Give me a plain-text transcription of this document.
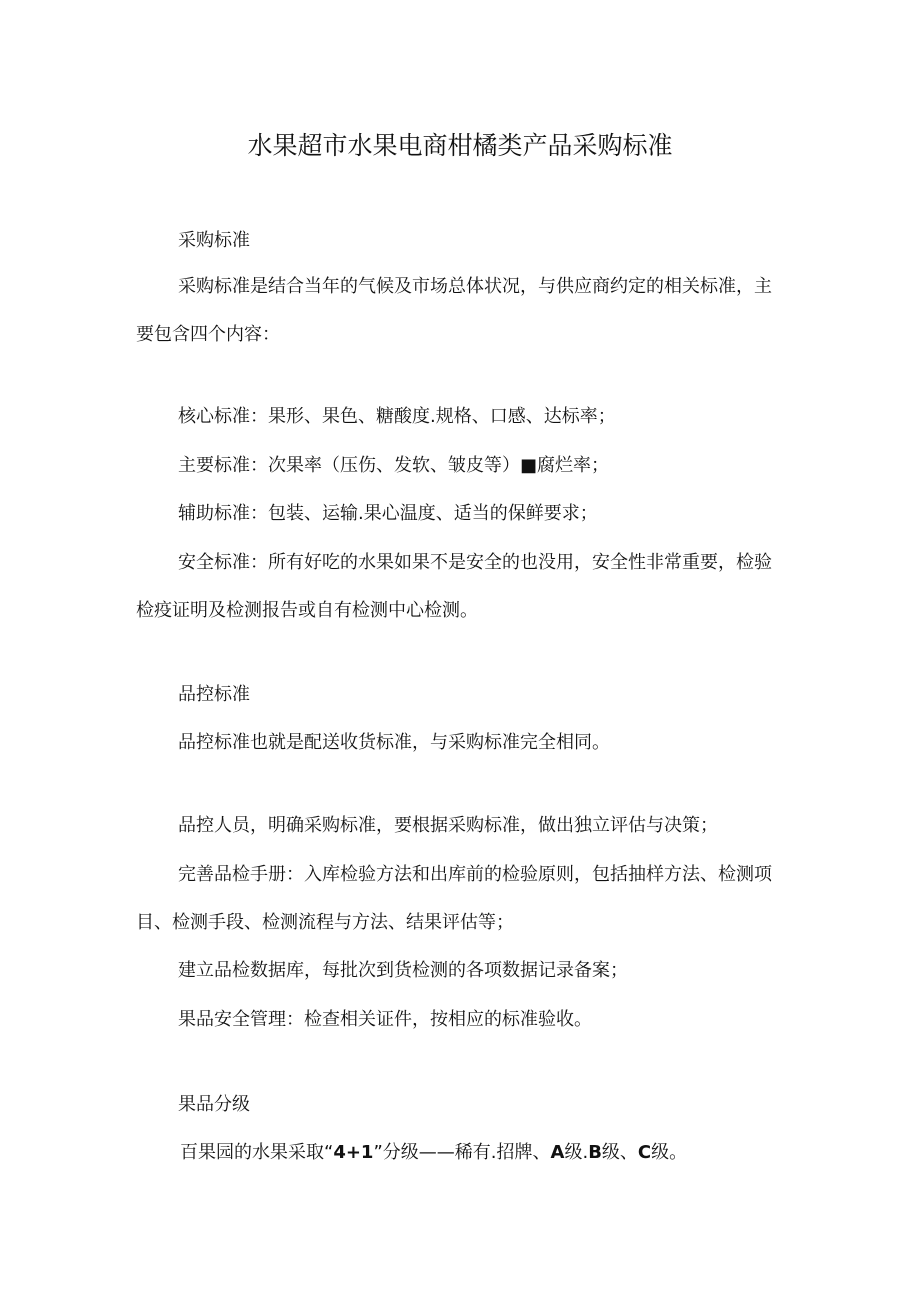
水果超市水果电商柑橘类产品采购标准

采购标准

采购标准是结合当年的气候及市场总体状况，与供应商约定的相关标准，主

要包含四个内容：

核心标准：果形、果色、糖酸度.规格、口感、达标率；

主要标准：次果率（压伤、发软、皱皮等）■腐烂率；

辅助标准：包装、运输.果心温度、适当的保鲜要求；

安全标准：所有好吃的水果如果不是安全的也没用，安全性非常重要，检验

检疫证明及检测报告或自有检测中心检测。

品控标准

品控标准也就是配送收货标准，与采购标准完全相同。

品控人员，明确采购标准，要根据采购标准，做出独立评估与决策；

完善品检手册：入库检验方法和出库前的检验原则，包括抽样方法、检测项

目、检测手段、检测流程与方法、结果评估等；

建立品检数据库，每批次到货检测的各项数据记录备案；

果品安全管理：检查相关证件，按相应的标准验收。

果品分级

百果园的水果采取“4+1”分级——稀有.招牌、A级.B级、C级。
